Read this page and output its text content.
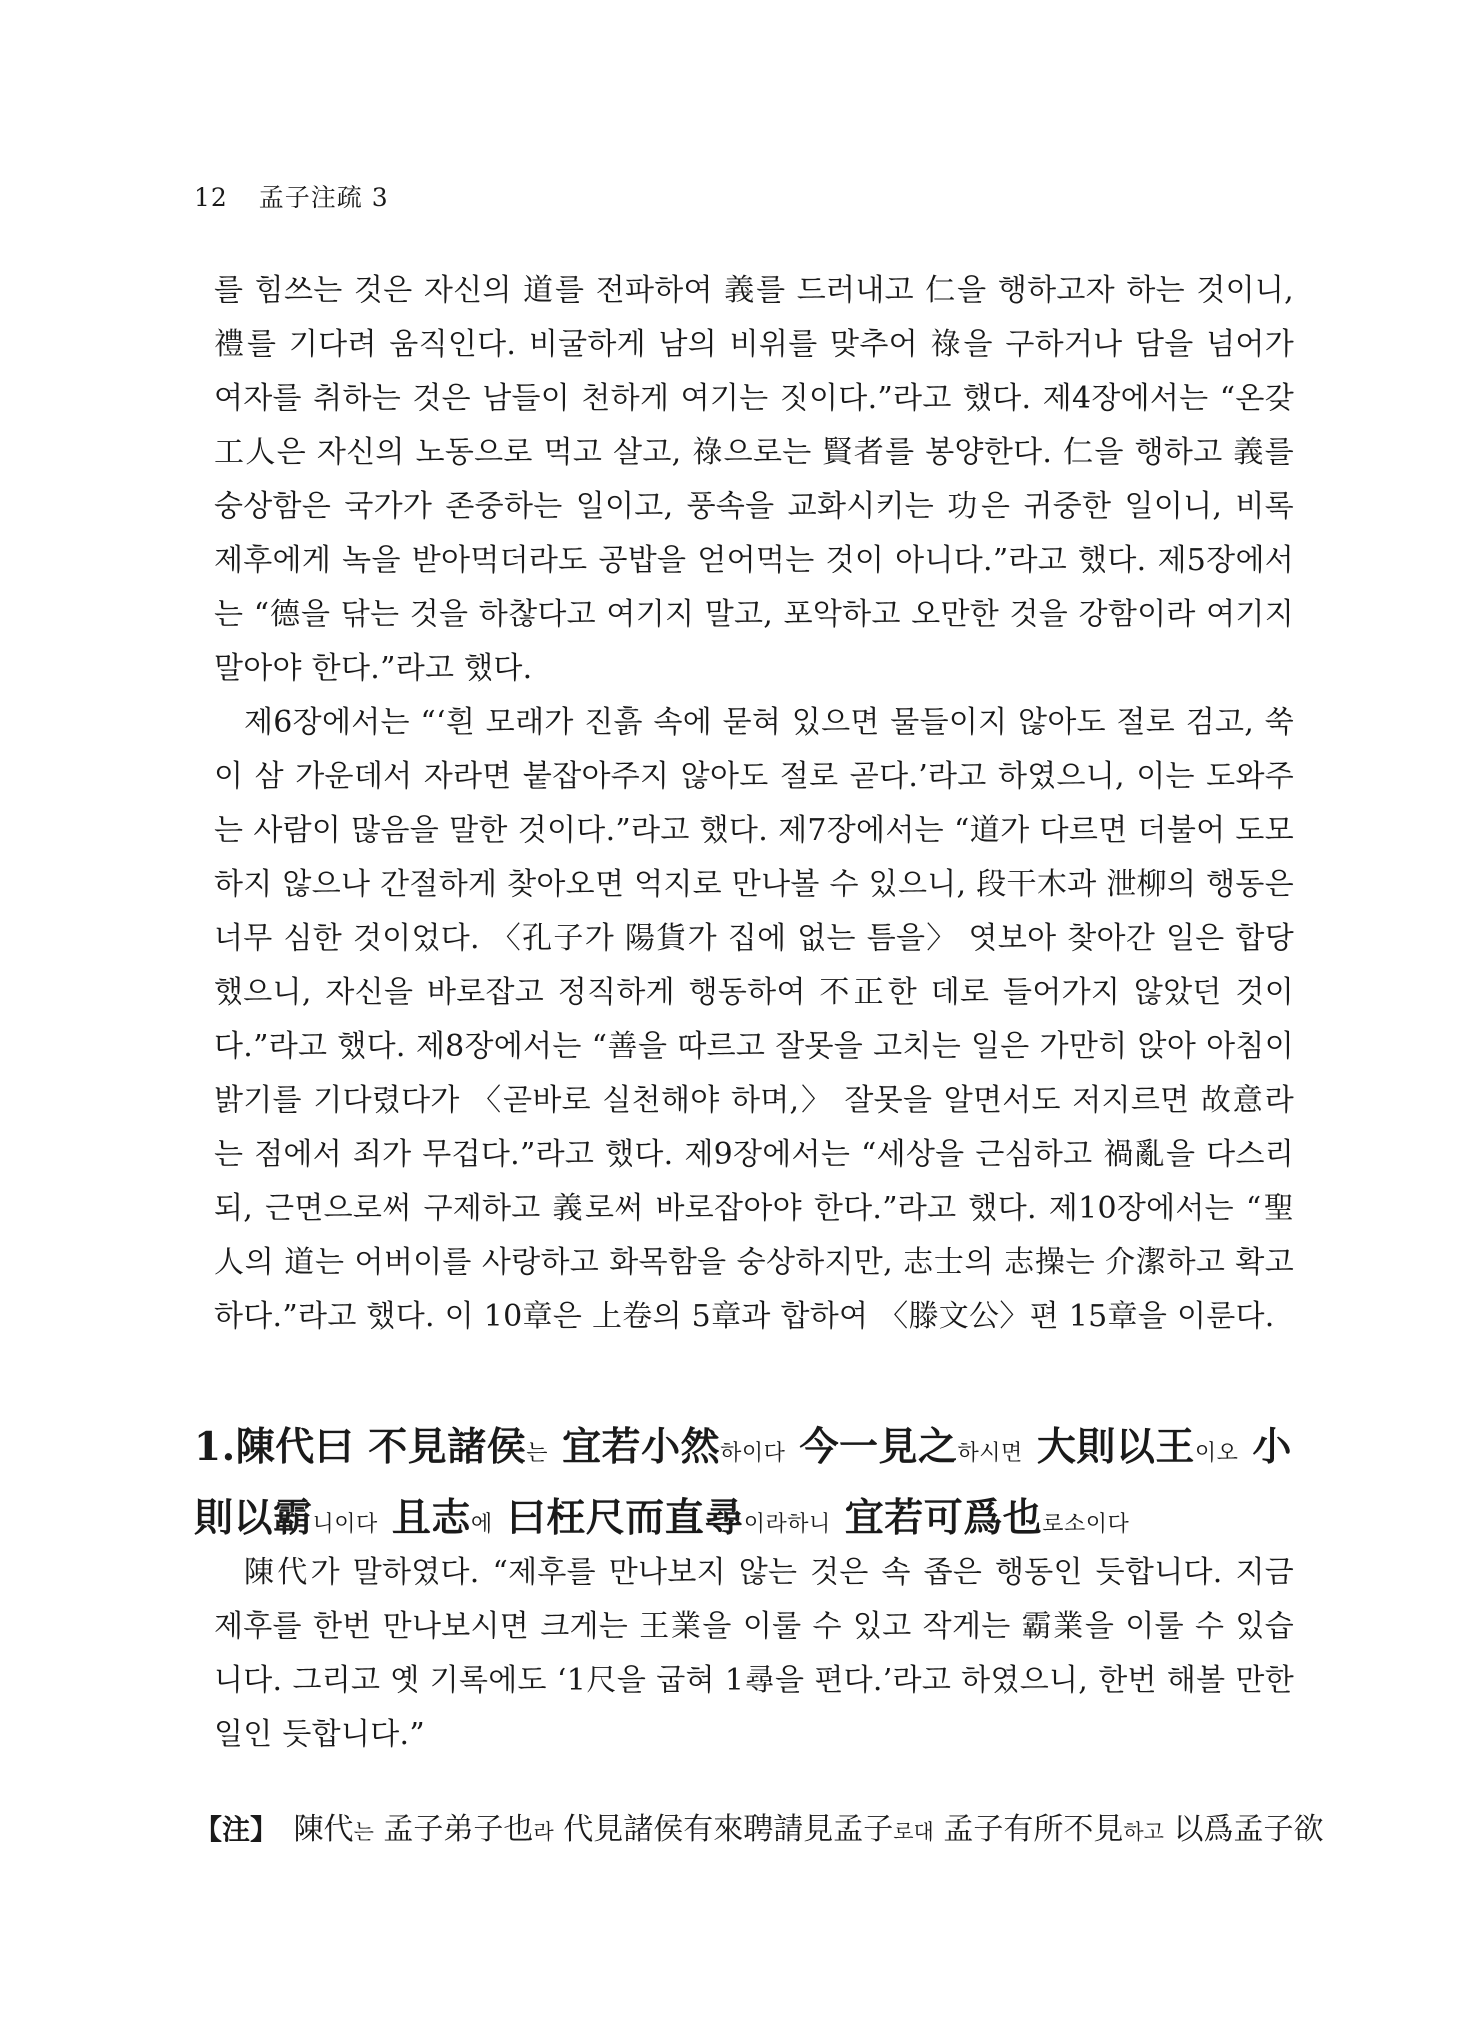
12 孟子注疏 3

를 힘쓰는 것은 자신의 道를 전파하여 義를 드러내고 仁을 행하고자 하는 것이니, 禮를 기다려 움직인다. 비굴하게 남의 비위를 맞추어 祿을 구하거나 담을 넘어가 여자를 취하는 것은 남들이 천하게 여기는 짓이다.”라고 했다. 제4장에서는 “온갖 工人은 자신의 노동으로 먹고 살고, 祿으로는 賢者를 봉양한다. 仁을 행하고 義를 숭상함은 국가가 존중하는 일이고, 풍속을 교화시키는 功은 귀중한 일이니, 비록 제후에게 녹을 받아먹더라도 공밥을 얻어먹는 것이 아니다.”라고 했다. 제5장에서는 “德을 닦는 것을 하찮다고 여기지 말고, 포악하고 오만한 것을 강함이라 여기지 말아야 한다.”라고 했다.

제6장에서는 “‘흰 모래가 진흙 속에 묻혀 있으면 물들이지 않아도 절로 검고, 쑥이 삼 가운데서 자라면 붙잡아주지 않아도 절로 곧다.’라고 하였으니, 이는 도와주는 사람이 많음을 말한 것이다.”라고 했다. 제7장에서는 “道가 다르면 더불어 도모하지 않으나 간절하게 찾아오면 억지로 만나볼 수 있으니, 段干木과 泄柳의 행동은 너무 심한 것이었다. 〈孔子가 陽貨가 집에 없는 틈을〉 엿보아 찾아간 일은 합당했으니, 자신을 바로잡고 정직하게 행동하여 不正한 데로 들어가지 않았던 것이다.”라고 했다. 제8장에서는 “善을 따르고 잘못을 고치는 일은 가만히 앉아 아침이 밝기를 기다렸다가 〈곧바로 실천해야 하며,〉 잘못을 알면서도 저지르면 故意라는 점에서 죄가 무겁다.”라고 했다. 제9장에서는 “세상을 근심하고 禍亂을 다스리되, 근면으로써 구제하고 義로써 바로잡아야 한다.”라고 했다. 제10장에서는 “聖人의 道는 어버이를 사랑하고 화목함을 숭상하지만, 志士의 志操는 介潔하고 확고하다.”라고 했다. 이 10章은 上卷의 5章과 합하여 〈滕文公〉편 15章을 이룬다.

1.陳代曰 不見諸侯는 宜若小然하이다 今一見之하시면 大則以王이오 小則以霸니이다 且志에 曰枉尺而直尋이라하니 宜若可爲也로소이다

陳代가 말하였다. “제후를 만나보지 않는 것은 속 좁은 행동인 듯합니다. 지금 제후를 한번 만나보시면 크게는 王業을 이룰 수 있고 작게는 霸業을 이룰 수 있습니다. 그리고 옛 기록에도 ‘1尺을 굽혀 1尋을 편다.’라고 하였으니, 한번 해볼 만한 일인 듯합니다.”

【注】 陳代는 孟子弟子也라 代見諸侯有來聘請見孟子로대 孟子有所不見하고 以爲孟子欲
